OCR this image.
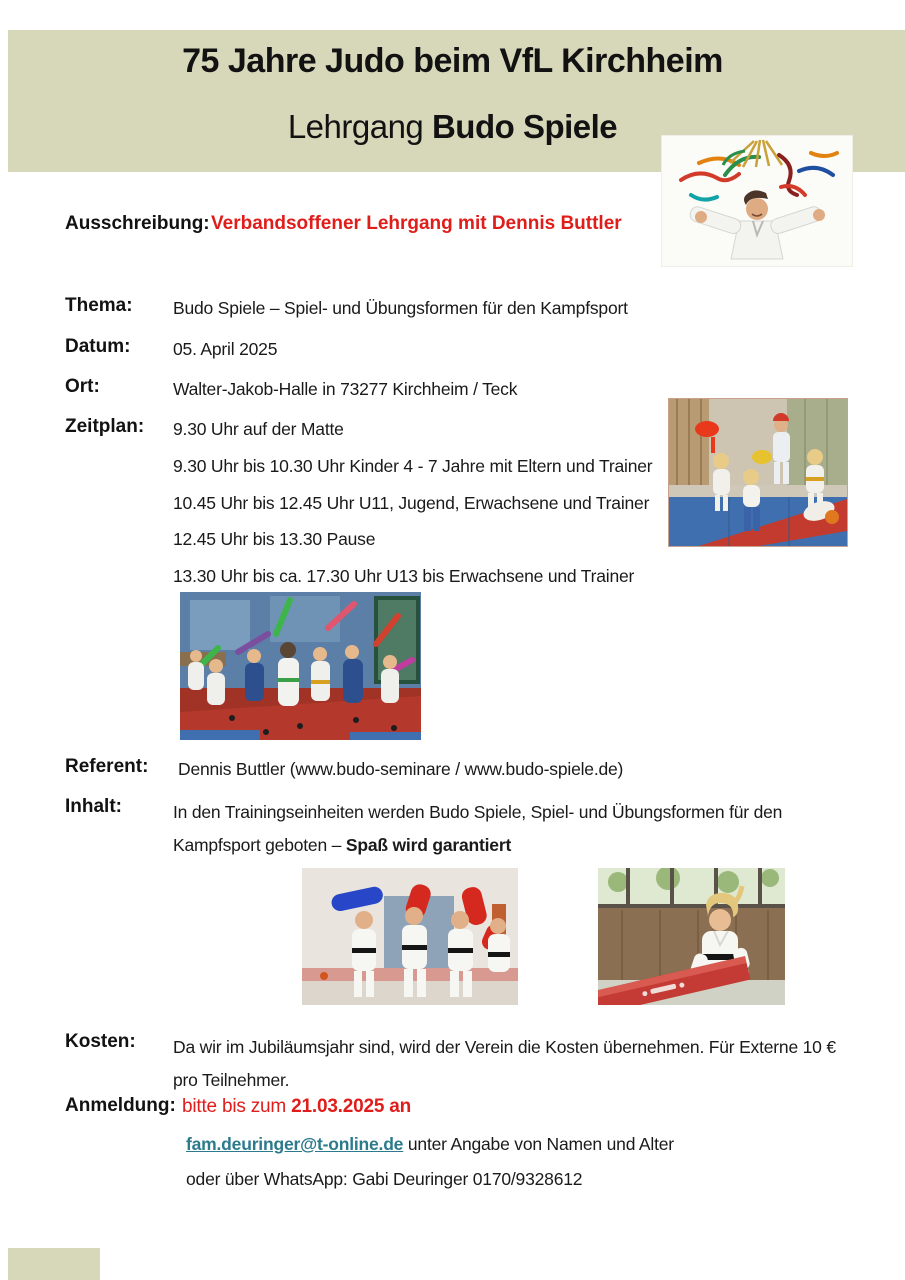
75 Jahre Judo beim VfL Kirchheim
Lehrgang Budo Spiele
Ausschreibung: Verbandsoffener Lehrgang mit Dennis Buttler
Thema: Budo Spiele – Spiel- und Übungsformen für den Kampfsport
Datum: 05. April 2025
Ort:	Walter-Jakob-Halle in 73277 Kirchheim / Teck
Zeitplan: 9.30 Uhr auf der Matte
9.30 Uhr bis 10.30 Uhr Kinder 4 - 7 Jahre mit Eltern und Trainer
10.45 Uhr bis 12.45 Uhr U11, Jugend, Erwachsene und Trainer
12.45 Uhr bis 13.30 Pause
13.30 Uhr bis ca. 17.30 Uhr U13 bis Erwachsene und Trainer
Referent: Dennis Buttler (www.budo-seminare / www.budo-spiele.de)
Inhalt:	In den Trainingseinheiten werden Budo Spiele, Spiel- und Übungsformen für den
Kampfsport geboten – Spaß wird garantiert
Kosten: Da wir im Jubiläumsjahr sind, wird der Verein die Kosten übernehmen. Für Externe 10 €
pro Teilnehmer.
Anmeldung: bitte bis zum 21.03.2025 an
fam.deuringer@t-online.de unter Angabe von Namen und Alter
oder über WhatsApp: Gabi Deuringer 0170/9328612
